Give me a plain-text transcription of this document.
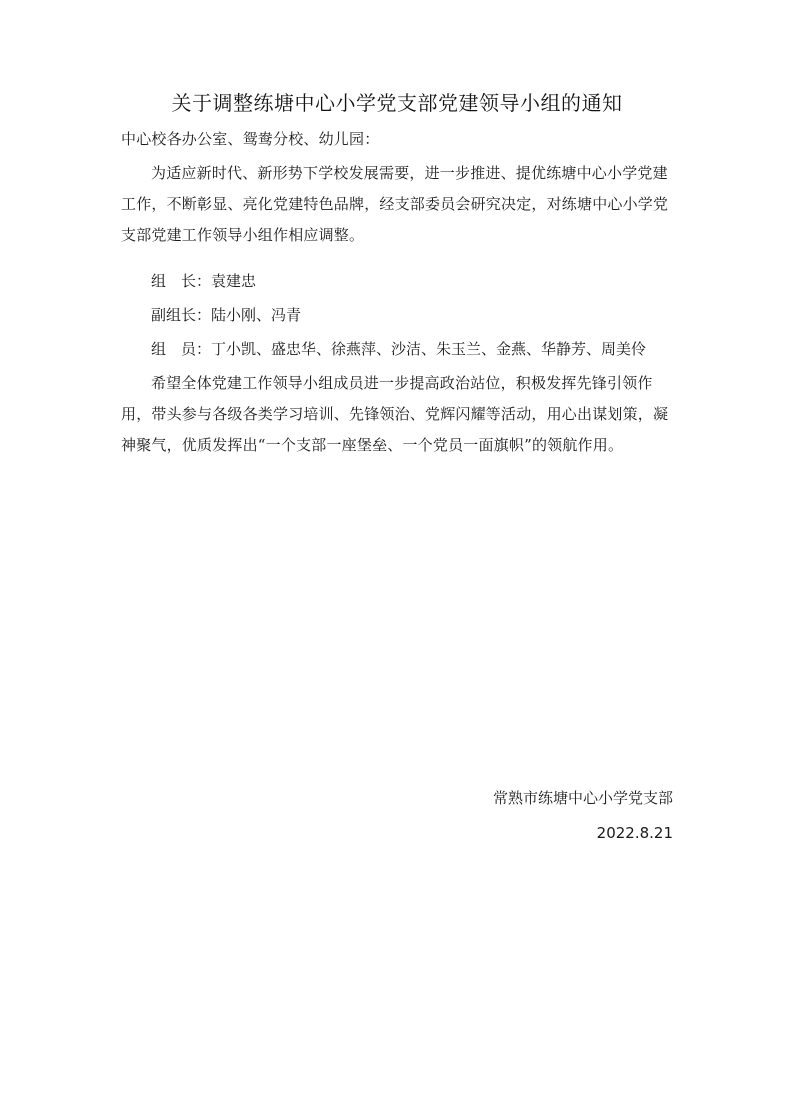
关于调整练塘中心小学党支部党建领导小组的通知
中心校各办公室、鸳鸯分校、幼儿园：
为适应新时代、新形势下学校发展需要，进一步推进、提优练塘中心小学党建工作，不断彰显、亮化党建特色品牌，经支部委员会研究决定，对练塘中心小学党支部党建工作领导小组作相应调整。
组　长：袁建忠
副组长：陆小刚、冯青
组　员：丁小凯、盛忠华、徐燕萍、沙洁、朱玉兰、金燕、华静芳、周美伶
希望全体党建工作领导小组成员进一步提高政治站位，积极发挥先锋引领作用，带头参与各级各类学习培训、先锋领治、党辉闪耀等活动，用心出谋划策，凝神聚气，优质发挥出“一个支部一座堡垒、一个党员一面旗帜”的领航作用。
常熟市练塘中心小学党支部
2022.8.21
